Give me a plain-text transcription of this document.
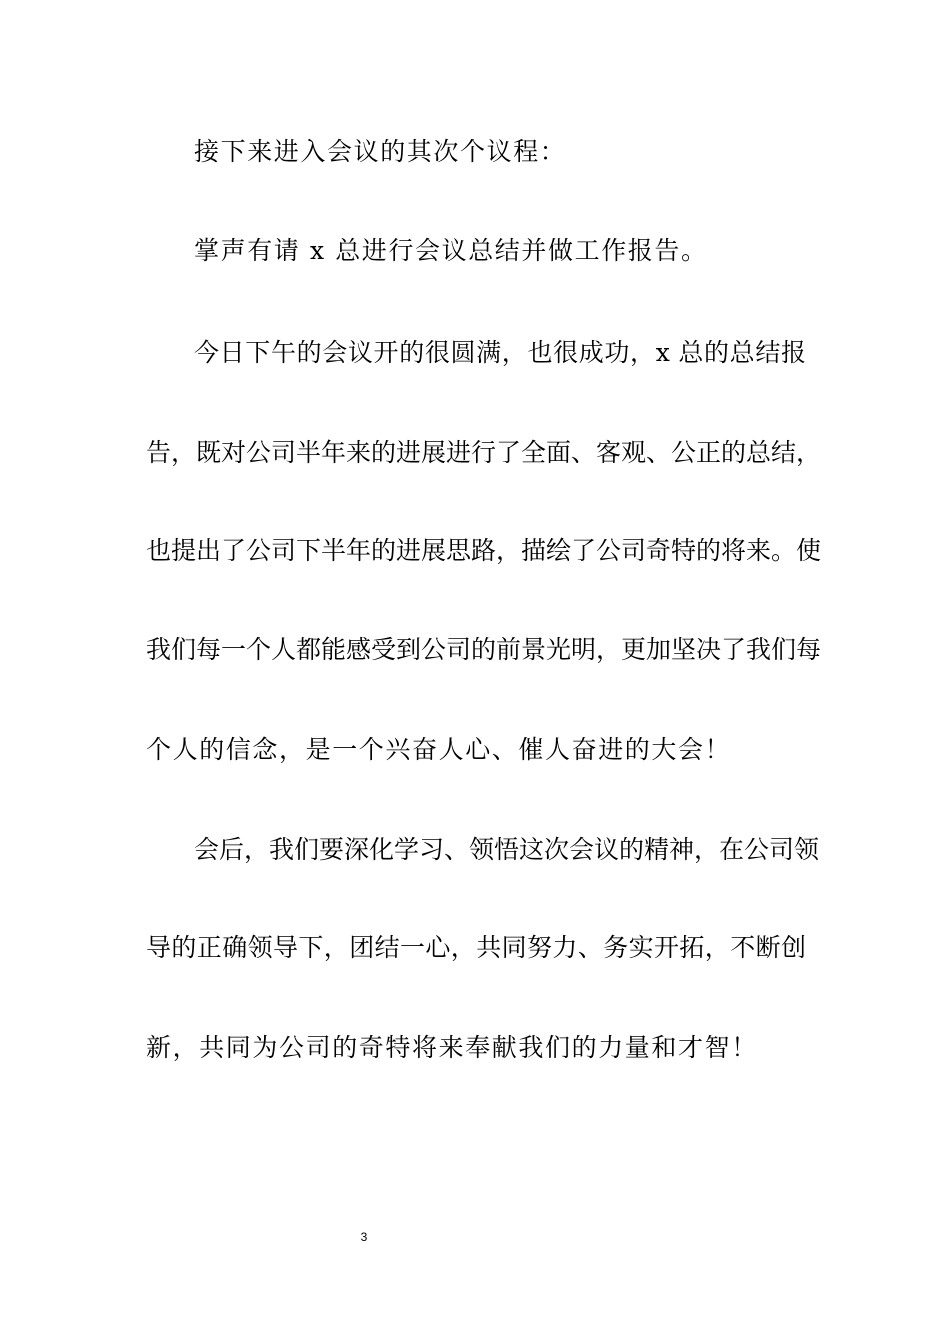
接下来进入会议的其次个议程：
掌声有请 x 总进行会议总结并做工作报告。
今日下午的会议开的很圆满，也很成功，x 总的总结报
告，既对公司半年来的进展进行了全面、客观、公正的总结，
也提出了公司下半年的进展思路，描绘了公司奇特的将来。使
我们每一个人都能感受到公司的前景光明，更加坚决了我们每
个人的信念，是一个兴奋人心、催人奋进的大会！
会后，我们要深化学习、领悟这次会议的精神，在公司领
导的正确领导下，团结一心，共同努力、务实开拓，不断创
新，共同为公司的奇特将来奉献我们的力量和才智！
3
